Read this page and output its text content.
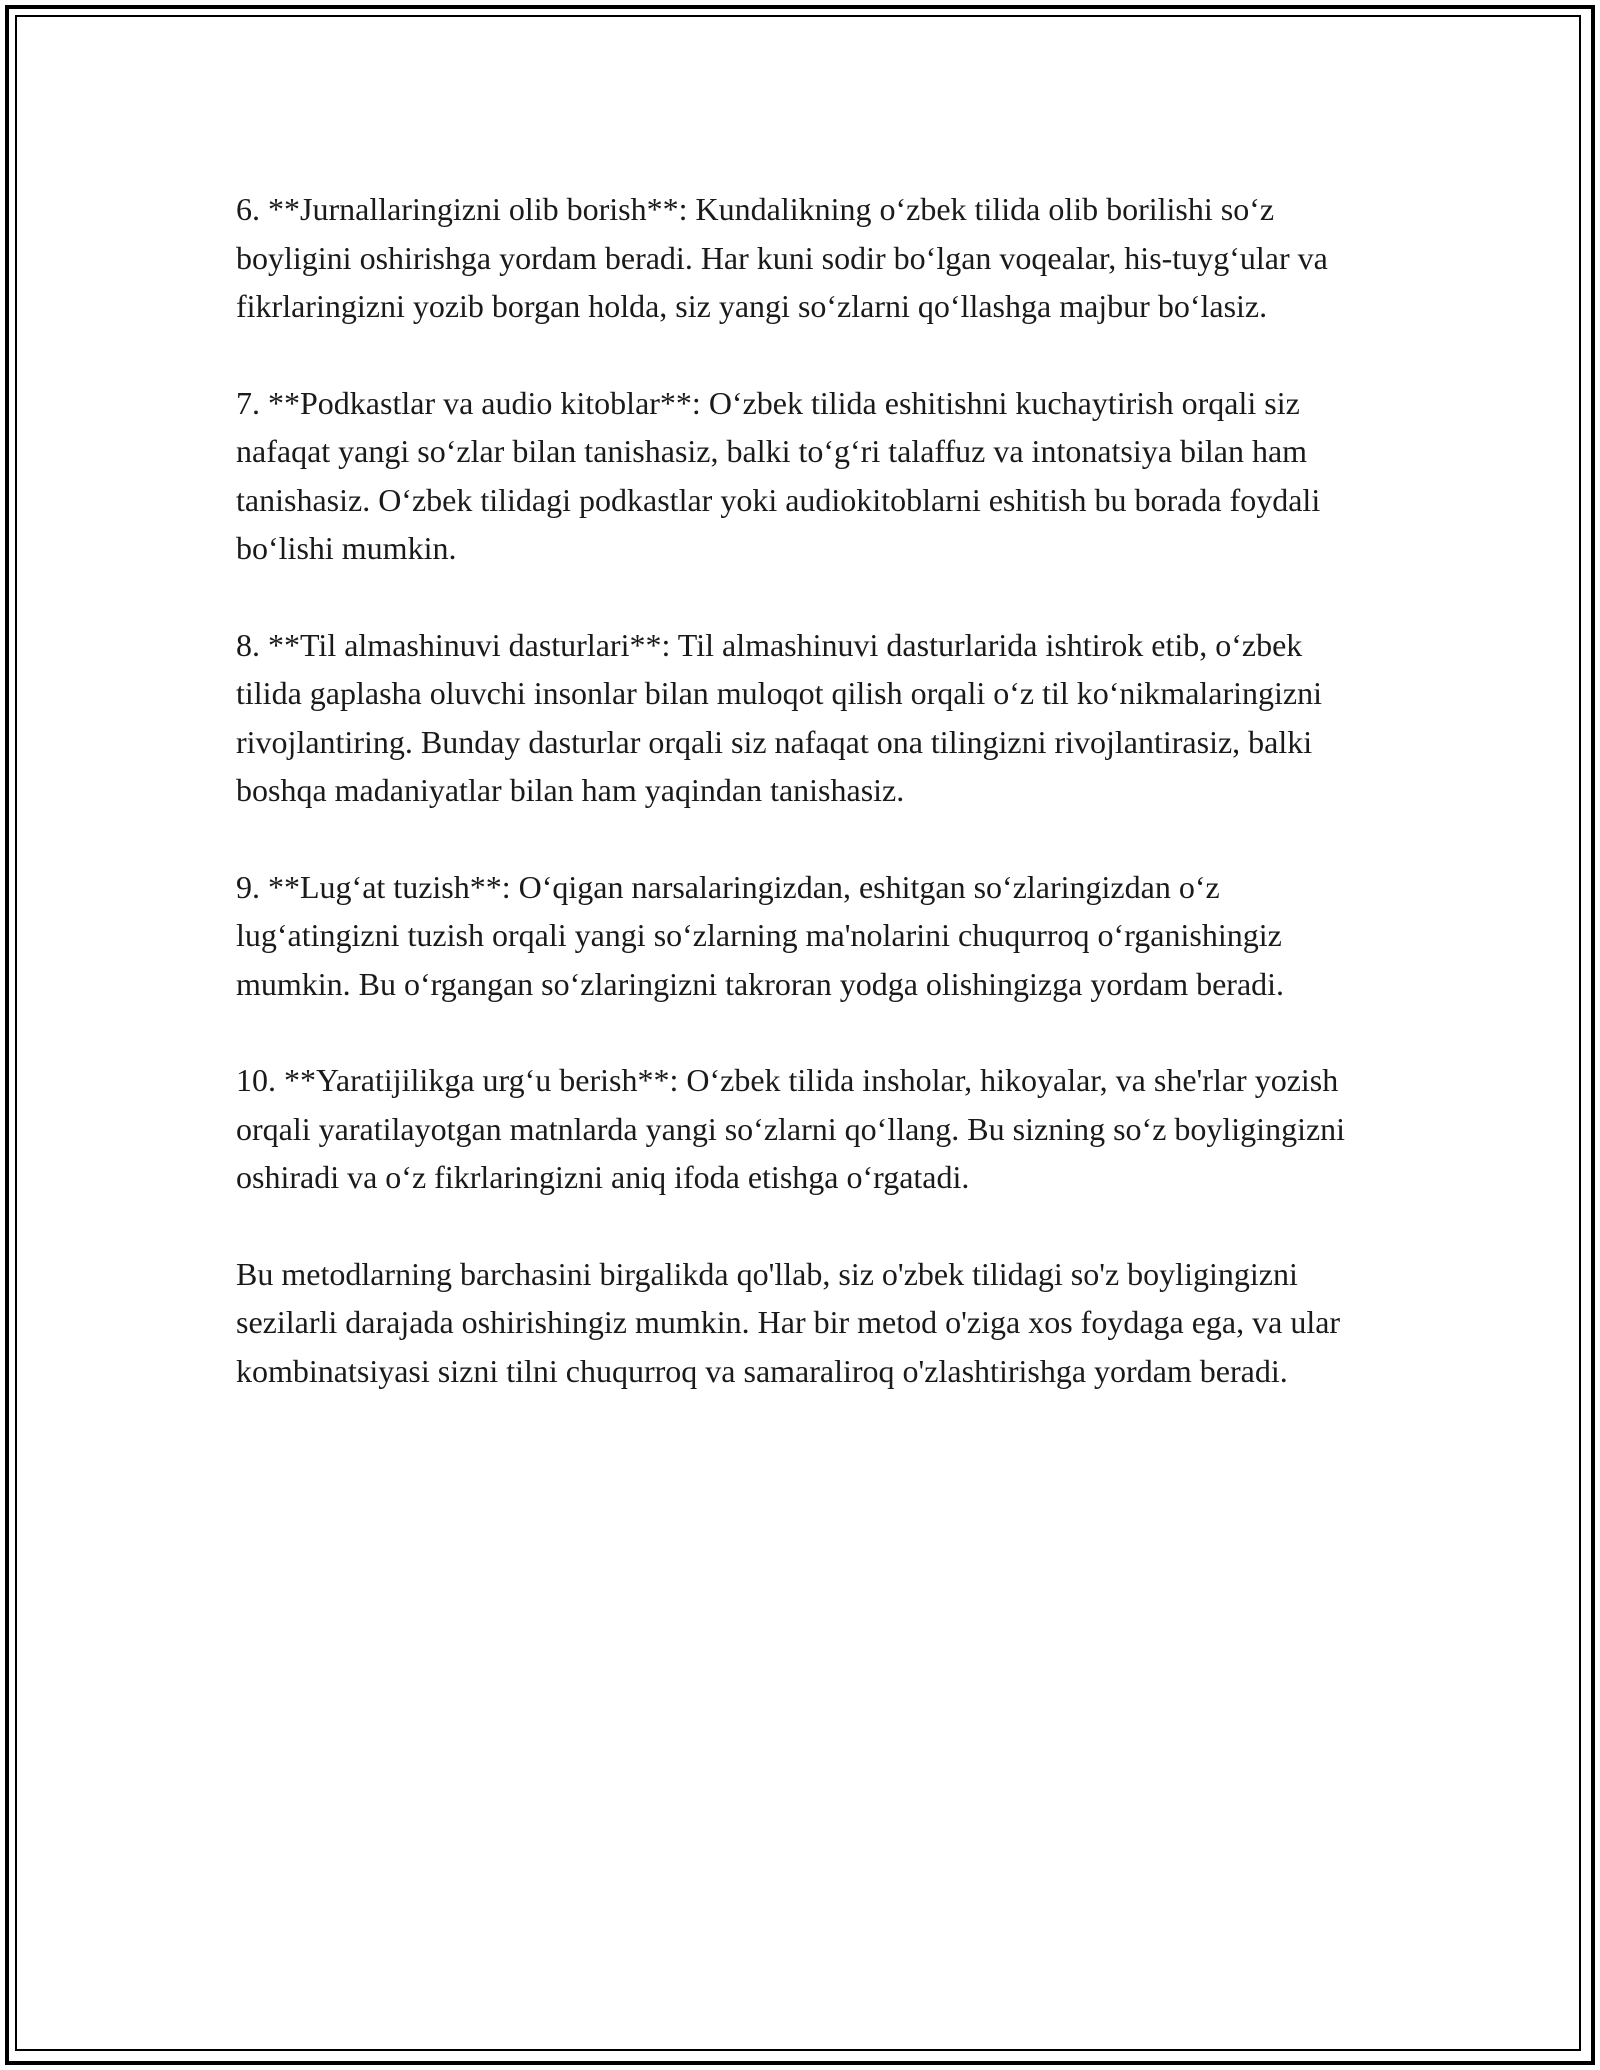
6. **Jurnallaringizni olib borish**: Kundalikning o‘zbek tilida olib borilishi so‘z boyligini oshirishga yordam beradi. Har kuni sodir bo‘lgan voqealar, his-tuyg‘ular va fikrlaringizni yozib borgan holda, siz yangi so‘zlarni qo‘llashga majbur bo‘lasiz.

7. **Podkastlar va audio kitoblar**: O‘zbek tilida eshitishni kuchaytirish orqali siz nafaqat yangi so‘zlar bilan tanishasiz, balki to‘g‘ri talaffuz va intonatsiya bilan ham tanishasiz. O‘zbek tilidagi podkastlar yoki audiokitoblarni eshitish bu borada foydali bo‘lishi mumkin.

8. **Til almashinuvi dasturlari**: Til almashinuvi dasturlarida ishtirok etib, o‘zbek tilida gaplasha oluvchi insonlar bilan muloqot qilish orqali o‘z til ko‘nikmalaringizni rivojlantiring. Bunday dasturlar orqali siz nafaqat ona tilingizni rivojlantirasiz, balki boshqa madaniyatlar bilan ham yaqindan tanishasiz.

9. **Lug‘at tuzish**: O‘qigan narsalaringizdan, eshitgan so‘zlaringizdan o‘z lug‘atingizni tuzish orqali yangi so‘zlarning ma'nolarini chuqurroq o‘rganishingiz mumkin. Bu o‘rgangan so‘zlaringizni takroran yodga olishingizga yordam beradi.

10. **Yaratijilikga urg‘u berish**: O‘zbek tilida insholar, hikoyalar, va she'rlar yozish orqali yaratilayotgan matnlarda yangi so‘zlarni qo‘llang. Bu sizning so‘z boyligingizni oshiradi va o‘z fikrlaringizni aniq ifoda etishga o‘rgatadi.

Bu metodlarning barchasini birgalikda qo'llab, siz o'zbek tilidagi so'z boyligingizni sezilarli darajada oshirishingiz mumkin. Har bir metod o'ziga xos foydaga ega, va ular kombinatsiyasi sizni tilni chuqurroq va samaraliroq o'zlashtirishga yordam beradi.
